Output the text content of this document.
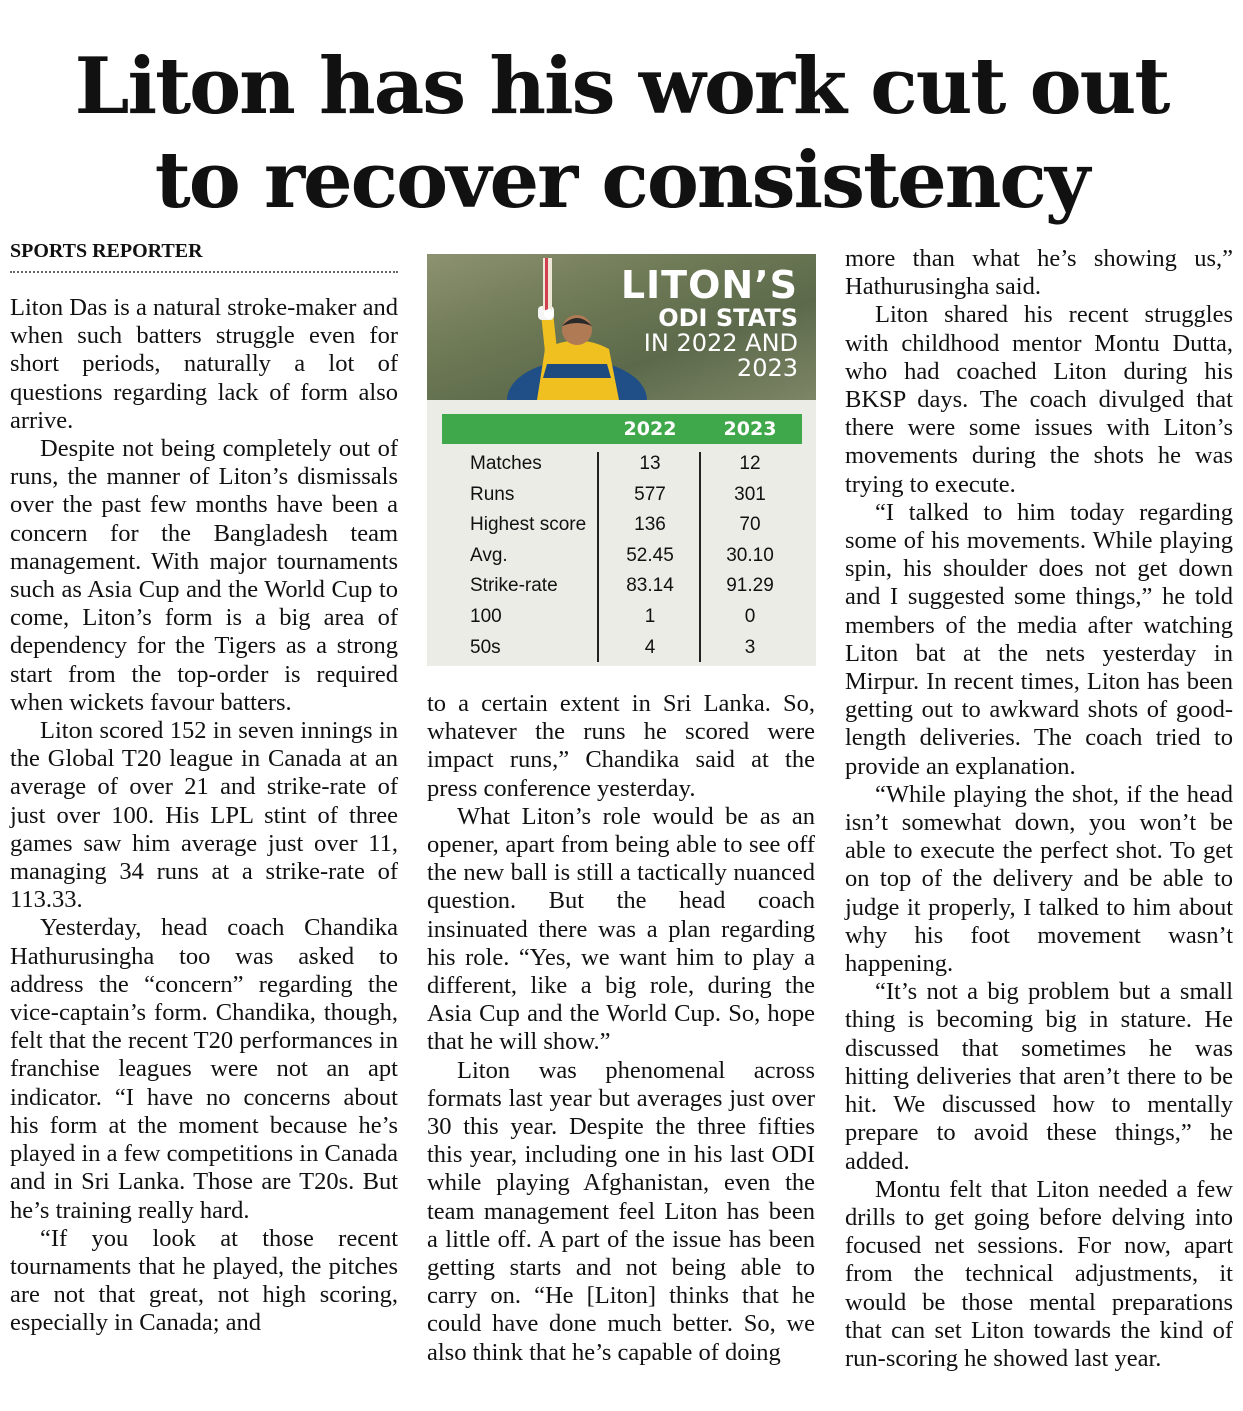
Liton has his work cut out
to recover consistency
SPORTS REPORTER

Liton Das is a natural stroke-maker and when such batters struggle even for short periods, naturally a lot of questions regarding lack of form also arrive.

Despite not being completely out of runs, the manner of Liton’s dismissals over the past few months have been a concern for the Bangladesh team management. With major tournaments such as Asia Cup and the World Cup to come, Liton’s form is a big area of dependency for the Tigers as a strong start from the top-order is required when wickets favour batters.

Liton scored 152 in seven innings in the Global T20 league in Canada at an average of over 21 and strike-rate of just over 100. His LPL stint of three games saw him average just over 11, managing 34 runs at a strike-rate of 113.33.

Yesterday, head coach Chandika Hathurusingha too was asked to address the “concern” regarding the vice-captain’s form. Chandika, though, felt that the recent T20 performances in franchise leagues were not an apt indicator. “I have no concerns about his form at the moment because he’s played in a few competitions in Canada and in Sri Lanka. Those are T20s. But he’s training really hard.

“If you look at those recent tournaments that he played, the pitches are not that great, not high scoring, especially in Canada; and

LITON’S
ODI STATS
IN 2022 AND
2023
2022	2023
Matches	13	12
Runs	577	301
Highest score	136	70
Avg.	52.45	30.10
Strike-rate	83.14	91.29
100	1	0
50s	4	3

to a certain extent in Sri Lanka. So, whatever the runs he scored were impact runs,” Chandika said at the press conference yesterday.

What Liton’s role would be as an opener, apart from being able to see off the new ball is still a tactically nuanced question. But the head coach insinuated there was a plan regarding his role. “Yes, we want him to play a different, like a big role, during the Asia Cup and the World Cup. So, hope that he will show.”

Liton was phenomenal across formats last year but averages just over 30 this year. Despite the three fifties this year, including one in his last ODI while playing Afghanistan, even the team management feel Liton has been a little off. A part of the issue has been getting starts and not being able to carry on. “He [Liton] thinks that he could have done much better. So, we also think that he’s capable of doing

more than what he’s showing us,” Hathurusingha said.

Liton shared his recent struggles with childhood mentor Montu Dutta, who had coached Liton during his BKSP days. The coach divulged that there were some issues with Liton’s movements during the shots he was trying to execute.

“I talked to him today regarding some of his movements. While playing spin, his shoulder does not get down and I suggested some things,” he told members of the media after watching Liton bat at the nets yesterday in Mirpur. In recent times, Liton has been getting out to awkward shots of good-length deliveries. The coach tried to provide an explanation.

“While playing the shot, if the head isn’t somewhat down, you won’t be able to execute the perfect shot. To get on top of the delivery and be able to judge it properly, I talked to him about why his foot movement wasn’t happening.

“It’s not a big problem but a small thing is becoming big in stature. He discussed that sometimes he was hitting deliveries that aren’t there to be hit. We discussed how to mentally prepare to avoid these things,” he added.

Montu felt that Liton needed a few drills to get going before delving into focused net sessions. For now, apart from the technical adjustments, it would be those mental preparations that can set Liton towards the kind of run-scoring he showed last year.
